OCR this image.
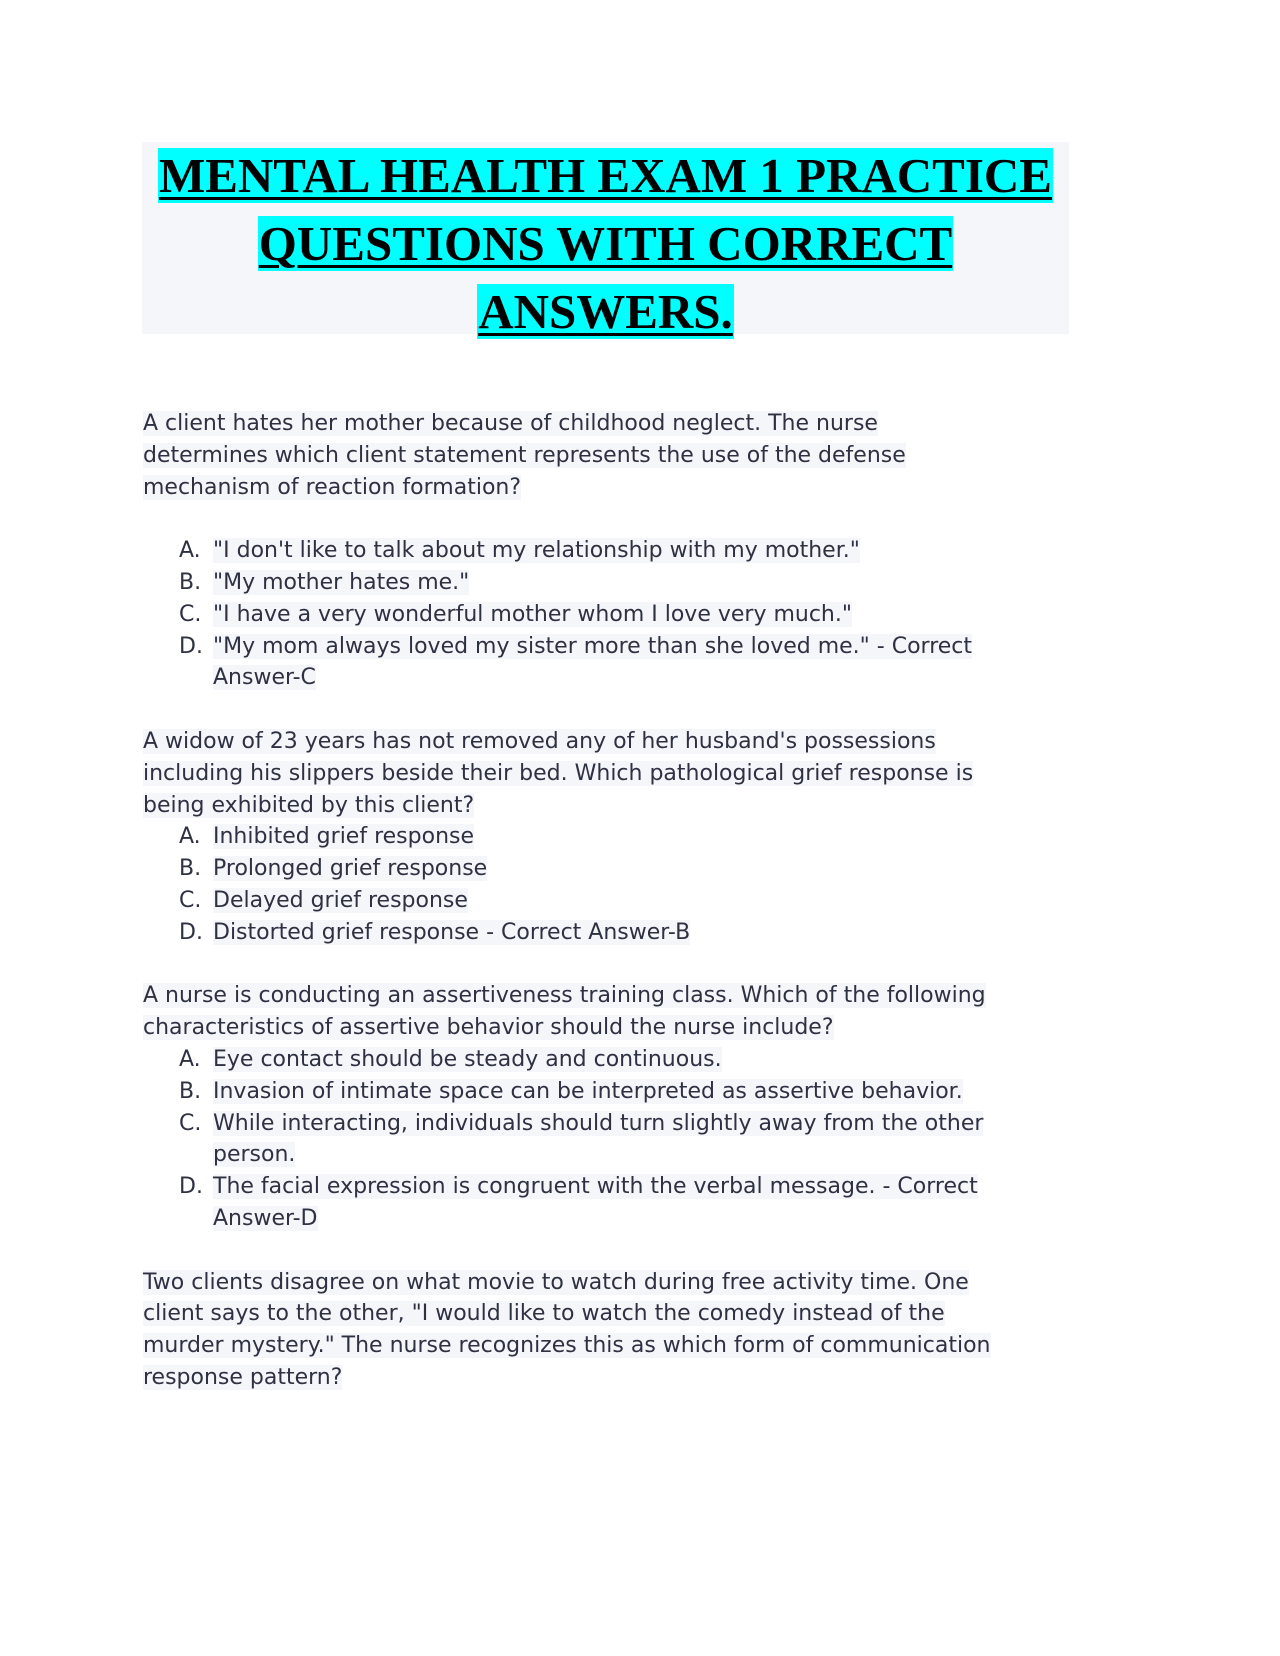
MENTAL HEALTH EXAM 1 PRACTICE
QUESTIONS WITH CORRECT
ANSWERS.
A client hates her mother because of childhood neglect. The nurse
determines which client statement represents the use of the defense
mechanism of reaction formation?
A. "I don't like to talk about my relationship with my mother."
B. "My mother hates me."
C. "I have a very wonderful mother whom I love very much."
D. "My mom always loved my sister more than she loved me." - Correct
Answer-C
A widow of 23 years has not removed any of her husband's possessions
including his slippers beside their bed. Which pathological grief response is
being exhibited by this client?
A. Inhibited grief response
B. Prolonged grief response
C. Delayed grief response
D. Distorted grief response - Correct Answer-B
A nurse is conducting an assertiveness training class. Which of the following
characteristics of assertive behavior should the nurse include?
A. Eye contact should be steady and continuous.
B. Invasion of intimate space can be interpreted as assertive behavior.
C. While interacting, individuals should turn slightly away from the other
person.
D. The facial expression is congruent with the verbal message. - Correct
Answer-D
Two clients disagree on what movie to watch during free activity time. One
client says to the other, "I would like to watch the comedy instead of the
murder mystery." The nurse recognizes this as which form of communication
response pattern?
